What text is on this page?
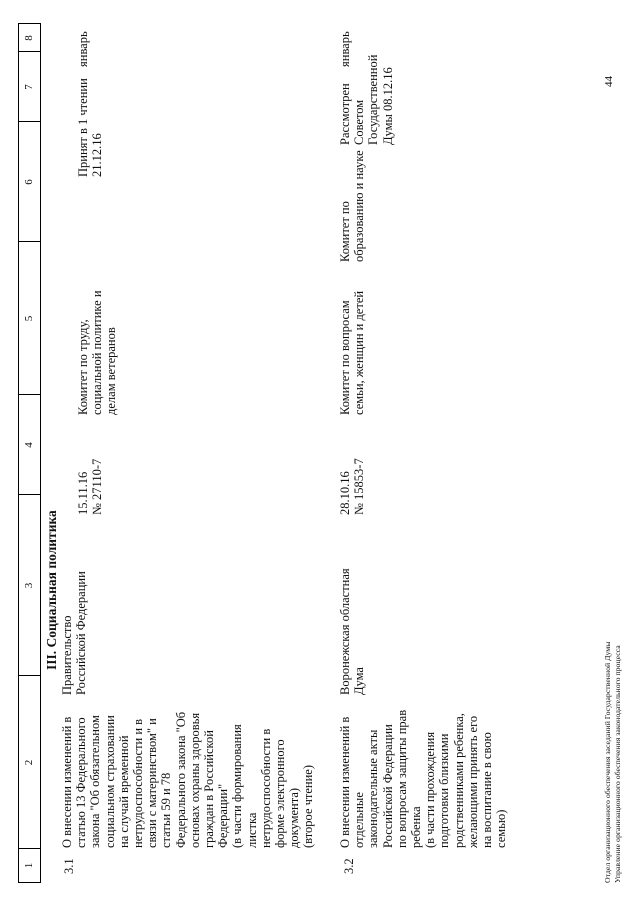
1
2
3
4
5
6
7
8
III. Социальная политика
3.1
О внесении изменений в
статью 13 Федерального
закона "Об обязательном
социальном страховании
на случай временной
нетрудоспособности и в
связи с материнством" и
статьи 59 и 78
Федерального закона "Об
основах охраны здоровья
граждан в Российской
Федерации"
(в части формирования
листка
нетрудоспособности в
форме электронного
документа)
(второе чтение)
Правительство
Российской Федерации
15.11.16
№ 27110-7
Комитет по труду,
социальной политике и
делам ветеранов
Принят в 1 чтении
21.12.16
январь
3.2
О внесении изменений в
отдельные
законодательные акты
Российской Федерации
по вопросам защиты прав
ребенка
(в части прохождения
подготовки близкими
родственниками ребенка,
желающими принять его
на воспитание в свою
семью)
Воронежская областная
Дума
28.10.16
№ 15853-7
Комитет по вопросам
семьи, женщин и детей
Комитет по
образованию и науке
Рассмотрен
Советом
Государственной
Думы 08.12.16
январь
Отдел организационного обеспечения заседаний Государственной Думы
Управление организационного обеспечения законодательного процесса
44
